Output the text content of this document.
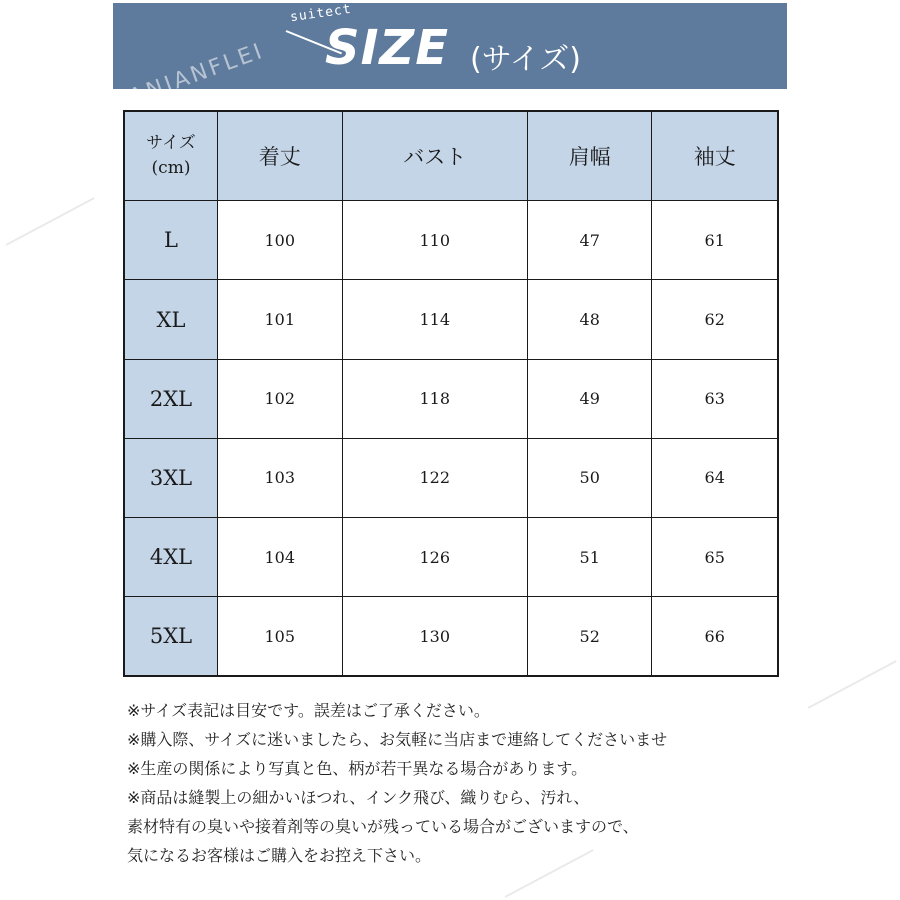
suitect
SIZE (サイズ)
ANIANFLEI
サイズ
(cm)	着丈	バスト	肩幅	袖丈
L	100	110	47	61
XL	101	114	48	62
2XL	102	118	49	63
3XL	103	122	50	64
4XL	104	126	51	65
5XL	105	130	52	66
※サイズ表記は目安です。誤差はご了承ください。
※購入際、サイズに迷いましたら、お気軽に当店まで連絡してくださいませ
※生産の関係により写真と色、柄が若干異なる場合があります。
※商品は縫製上の細かいほつれ、インク飛び、織りむら、汚れ、
素材特有の臭いや接着剤等の臭いが残っている場合がございますので、
気になるお客様はご購入をお控え下さい。
